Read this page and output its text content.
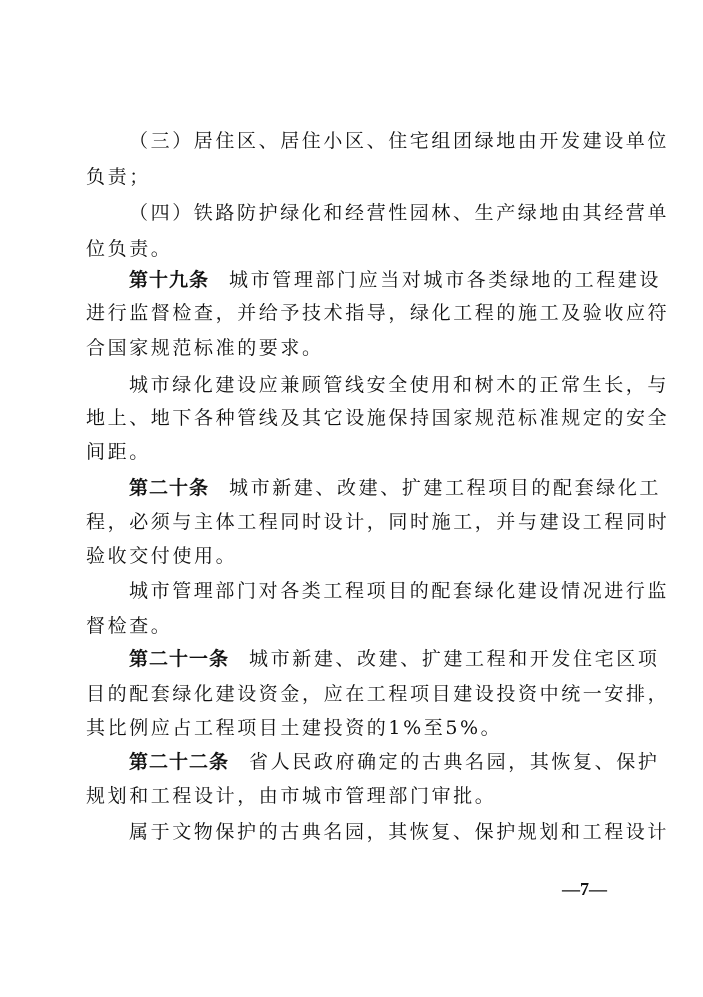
（三）居住区、居住小区、住宅组团绿地由开发建设单位
负责；
（四）铁路防护绿化和经营性园林、生产绿地由其经营单
位负责。
第十九条 城市管理部门应当对城市各类绿地的工程建设
进行监督检查，并给予技术指导，绿化工程的施工及验收应符
合国家规范标准的要求。
城市绿化建设应兼顾管线安全使用和树木的正常生长，与
地上、地下各种管线及其它设施保持国家规范标准规定的安全
间距。
第二十条 城市新建、改建、扩建工程项目的配套绿化工
程，必须与主体工程同时设计，同时施工，并与建设工程同时
验收交付使用。
城市管理部门对各类工程项目的配套绿化建设情况进行监
督检查。
第二十一条 城市新建、改建、扩建工程和开发住宅区项
目的配套绿化建设资金，应在工程项目建设投资中统一安排，
其比例应占工程项目土建投资的1%至5%。
第二十二条 省人民政府确定的古典名园，其恢复、保护
规划和工程设计，由市城市管理部门审批。
属于文物保护的古典名园，其恢复、保护规划和工程设计
—7—
